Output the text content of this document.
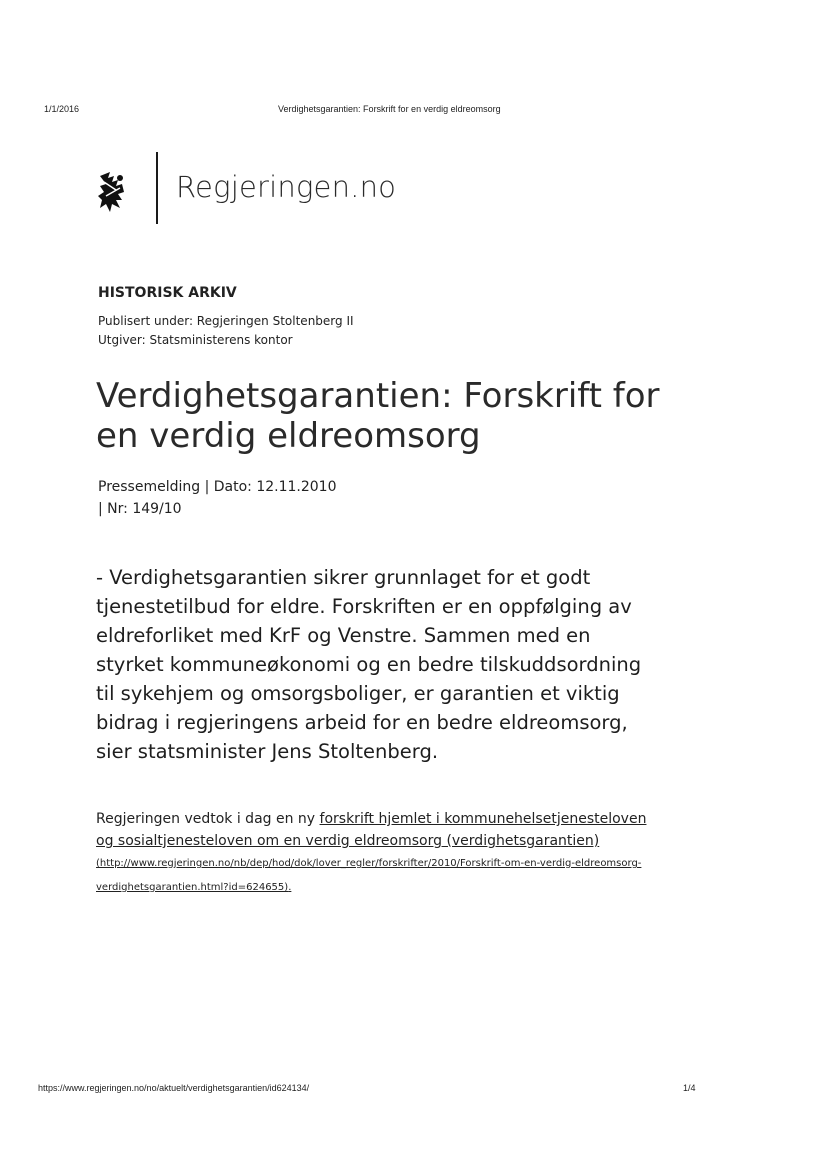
1/1/2016	Verdighetsgarantien: Forskrift for en verdig eldreomsorg
Regjeringen.no
HISTORISK ARKIV
Publisert under: Regjeringen Stoltenberg II
Utgiver: Statsministerens kontor
Verdighetsgarantien: Forskrift for en verdig eldreomsorg
Pressemelding | Dato: 12.11.2010
| Nr: 149/10

- Verdighetsgarantien sikrer grunnlaget for et godt tjenestetilbud for eldre. Forskriften er en oppfølging av eldreforliket med KrF og Venstre. Sammen med en styrket kommuneøkonomi og en bedre tilskuddsordning til sykehjem og omsorgsboliger, er garantien et viktig bidrag i regjeringens arbeid for en bedre eldreomsorg, sier statsminister Jens Stoltenberg.

Regjeringen vedtok i dag en ny forskrift hjemlet i kommunehelsetjenesteloven og sosialtjenesteloven om en verdig eldreomsorg (verdighetsgarantien)
(http://www.regjeringen.no/nb/dep/hod/dok/lover_regler/forskrifter/2010/Forskrift-om-en-verdig-eldreomsorg-verdighetsgarantien.html?id=624655).

https://www.regjeringen.no/no/aktuelt/verdighetsgarantien/id624134/	1/4
